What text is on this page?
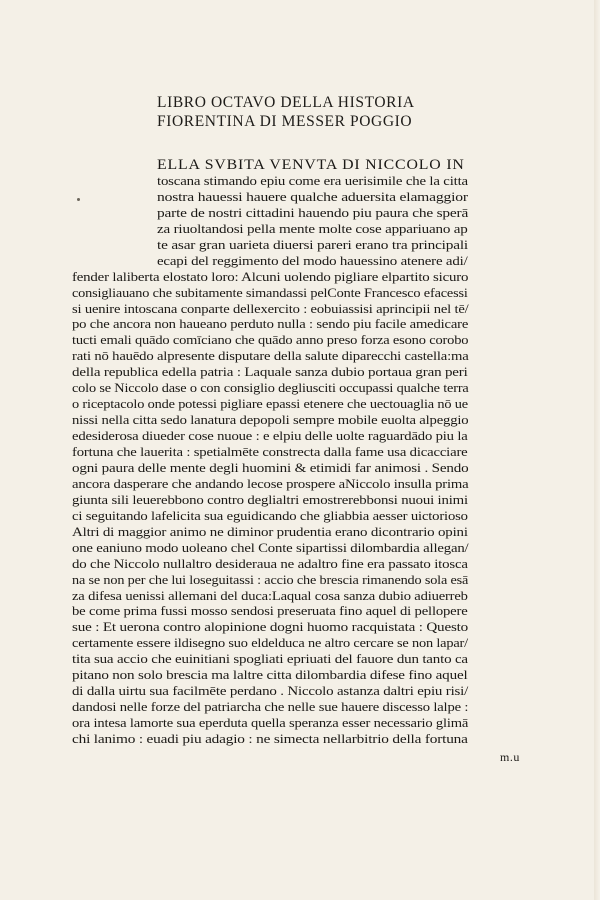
LIBRO OCTAVO DELLA HISTORIA
FIORENTINA DI MESSER POGGIO
ELLA SVBITA VENVTA DI NICCOLO IN
toscana stimando epiu come era uerisimile che la citta
nostra hauessi hauere qualche aduersita elamaggior
parte de nostri cittadini hauendo piu paura che sperā
za riuoltandosi pella mente molte cose appariuano ap
te asar gran uarieta diuersi pareri erano tra principali
ecapi del reggimento del modo hauessino atenere adi/
fender laliberta elostato loro: Alcuni uolendo pigliare elpartito sicuro
consigliauano che subitamente simandassi pelConte Francesco efacessi
si uenire intoscana conparte dellexercito : eobuiassisi aprincipii nel tē/
po che ancora non haueano perduto nulla : sendo piu facile amedicare
tucti emali quādo comīciano che quādo anno preso forza esono corobo
rati nō hauēdo alpresente disputare della salute diparecchi castella:ma
della republica edella patria : Laquale sanza dubio portaua gran peri
colo se Niccolo dase o con consiglio degliusciti occupassi qualche terra
o riceptacolo onde potessi pigliare epassi etenere che uectouaglia nō ue
nissi nella citta sedo lanatura depopoli sempre mobile euolta alpeggio
edesiderosa diueder cose nuoue : e elpiu delle uolte raguardādo piu la
fortuna che lauerita : spetialmēte constrecta dalla fame usa dicacciare
ogni paura delle mente degli huomini & etimidi far animosi . Sendo
ancora dasperare che andando lecose prospere aNiccolo insulla prima
giunta sili leuerebbono contro deglialtri emostrerebbonsi nuoui inimi
ci seguitando lafelicita sua eguidicando che gliabbia aesser uictorioso
Altri di maggior animo ne diminor prudentia erano dicontrario opini
one eaniuno modo uoleano chel Conte sipartissi dilombardia allegan/
do che Niccolo nullaltro desideraua ne adaltro fine era passato itosca
na se non per che lui loseguitassi : accio che brescia rimanendo sola esā
za difesa uenissi allemani del duca:Laqual cosa sanza dubio adiuerreb
be come prima fussi mosso sendosi preseruata fino aquel di pellopere
sue : Et uerona contro alopinione dogni huomo racquistata : Questo
certamente essere ildisegno suo eldelduca ne altro cercare se non lapar/
tita sua accio che euinitiani spogliati epriuati del fauore dun tanto ca
pitano non solo brescia ma laltre citta dilombardia difese fino aquel
di dalla uirtu sua facilmēte perdano . Niccolo astanza daltri epiu risi/
dandosi nelle forze del patriarcha che nelle sue hauere discesso lalpe :
ora intesa lamorte sua eperduta quella speranza esser necessario glimā
chi lanimo : euadi piu adagio : ne simecta nellarbitrio della fortuna
m.u
